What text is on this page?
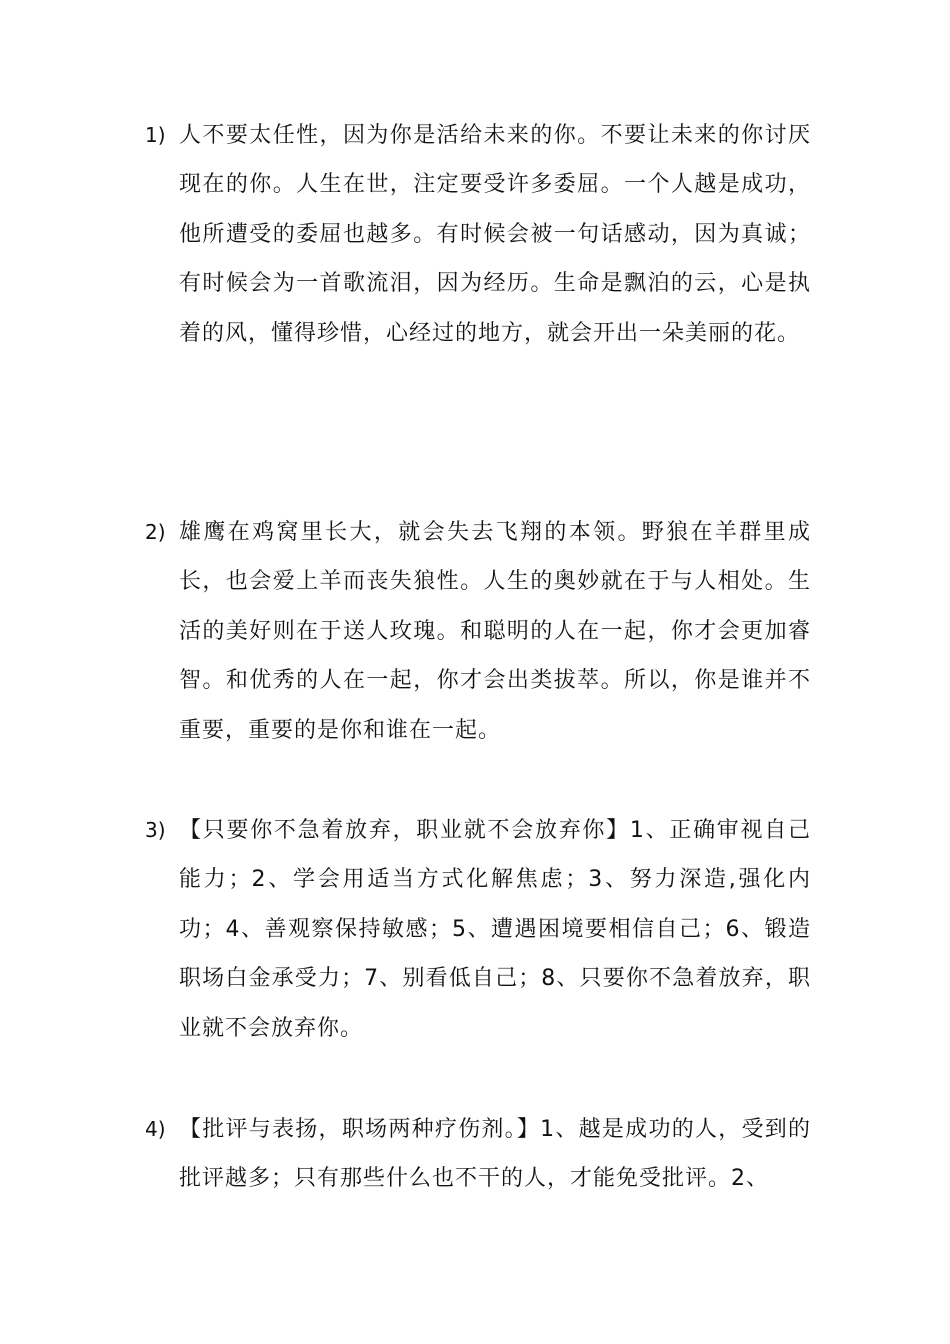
1) 人不要太任性，因为你是活给未来的你。不要让未来的你讨厌现在的你。人生在世，注定要受许多委屈。一个人越是成功，他所遭受的委屈也越多。有时候会被一句话感动，因为真诚；有时候会为一首歌流泪，因为经历。生命是飘泊的云，心是执着的风，懂得珍惜，心经过的地方，就会开出一朵美丽的花。
2) 雄鹰在鸡窝里长大，就会失去飞翔的本领。野狼在羊群里成长，也会爱上羊而丧失狼性。人生的奥妙就在于与人相处。生活的美好则在于送人玫瑰。和聪明的人在一起，你才会更加睿智。和优秀的人在一起，你才会出类拔萃。所以，你是谁并不重要，重要的是你和谁在一起。
3) 【只要你不急着放弃，职业就不会放弃你】1、正确审视自己能力；2、学会用适当方式化解焦虑；3、努力深造,强化内功；4、善观察保持敏感；5、遭遇困境要相信自己；6、锻造职场白金承受力；7、别看低自己；8、只要你不急着放弃，职业就不会放弃你。
4) 【批评与表扬，职场两种疗伤剂。】1、越是成功的人，受到的批评越多；只有那些什么也不干的人，才能免受批评。2、
